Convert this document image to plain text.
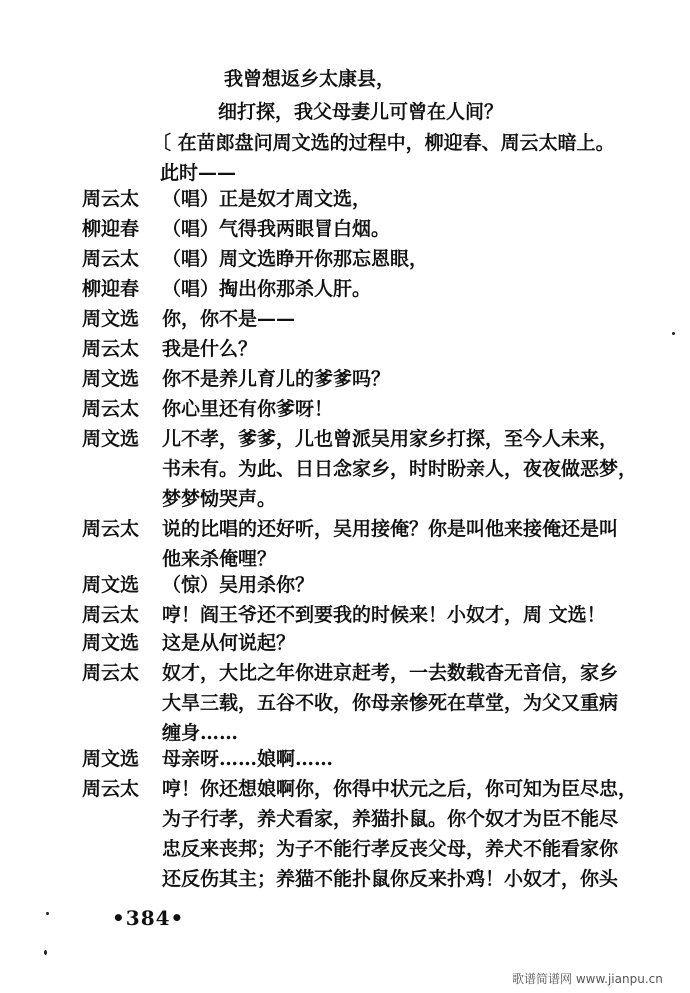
我曾想返乡太康县，
细打探，我父母妻儿可曾在人间？
〔 在苗郎盘问周文选的过程中，柳迎春、周云太暗上。
此时——
周云太	（唱）正是奴才周文选，
柳迎春	（唱）气得我两眼冒白烟。
周云太	（唱）周文选睁开你那忘恩眼，
柳迎春	（唱）掏出你那杀人肝。
周文选	你，你不是——
周云太	我是什么？
周文选	你不是养儿育儿的爹爹吗？
周云太	你心里还有你爹呀！
周文选	儿不孝，爹爹，儿也曾派吴用家乡打探，至今人未来，
书未有。为此、日日念家乡，时时盼亲人，夜夜做恶梦，
梦梦恸哭声。
周云太	说的比唱的还好听，吴用接俺？你是叫他来接俺还是叫
他来杀俺哩？
周文选	（惊）吴用杀你？
周云太	哼！阎王爷还不到要我的时候来！小奴才，周 文选！
周文选	这是从何说起？
周云太	奴才，大比之年你进京赶考，一去数载杳无音信，家乡
大旱三载，五谷不收，你母亲惨死在草堂，为父又重病
缠身……
周文选	母亲呀……娘啊……
周云太	哼！你还想娘啊你，你得中状元之后，你可知为臣尽忠，
为子行孝，养犬看家，养猫扑鼠。你个奴才为臣不能尽
忠反来丧邦；为子不能行孝反丧父母，养犬不能看家你
还反伤其主；养猫不能扑鼠你反来扑鸡！小奴才，你头
•384•
歌谱简谱网 www.jianpu.cn
